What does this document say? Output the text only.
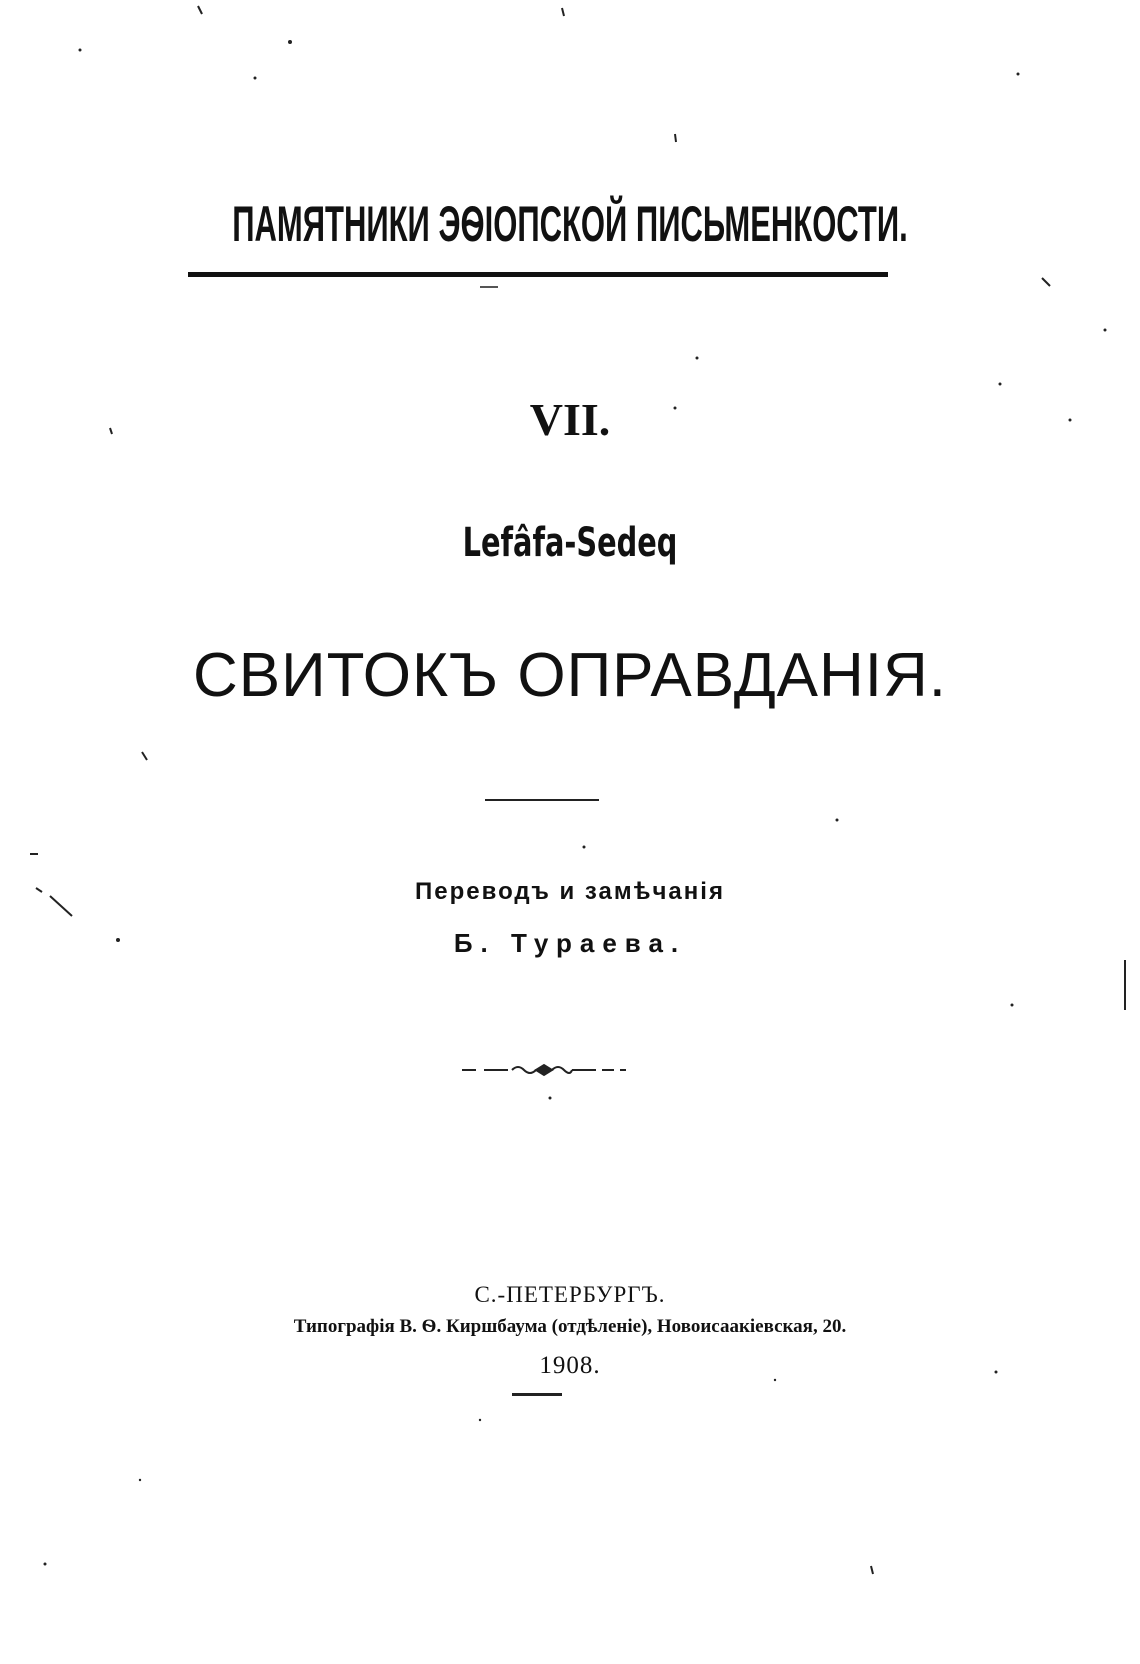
ПАМЯТНИКИ ЭѲIОПСКОЙ ПИСЬМЕНКОСТИ.
VII.
Lefâfa-Sedeq
СВИТОКЪ ОПРАВДАНIЯ.
Переводъ и замѣчанiя
Б. Тураева.
С.-ПЕТЕРБУРГЪ.
Типографiя В. Ѳ. Киршбаума (отдѣленiе), Новоисаакiевская, 20.
1908.
